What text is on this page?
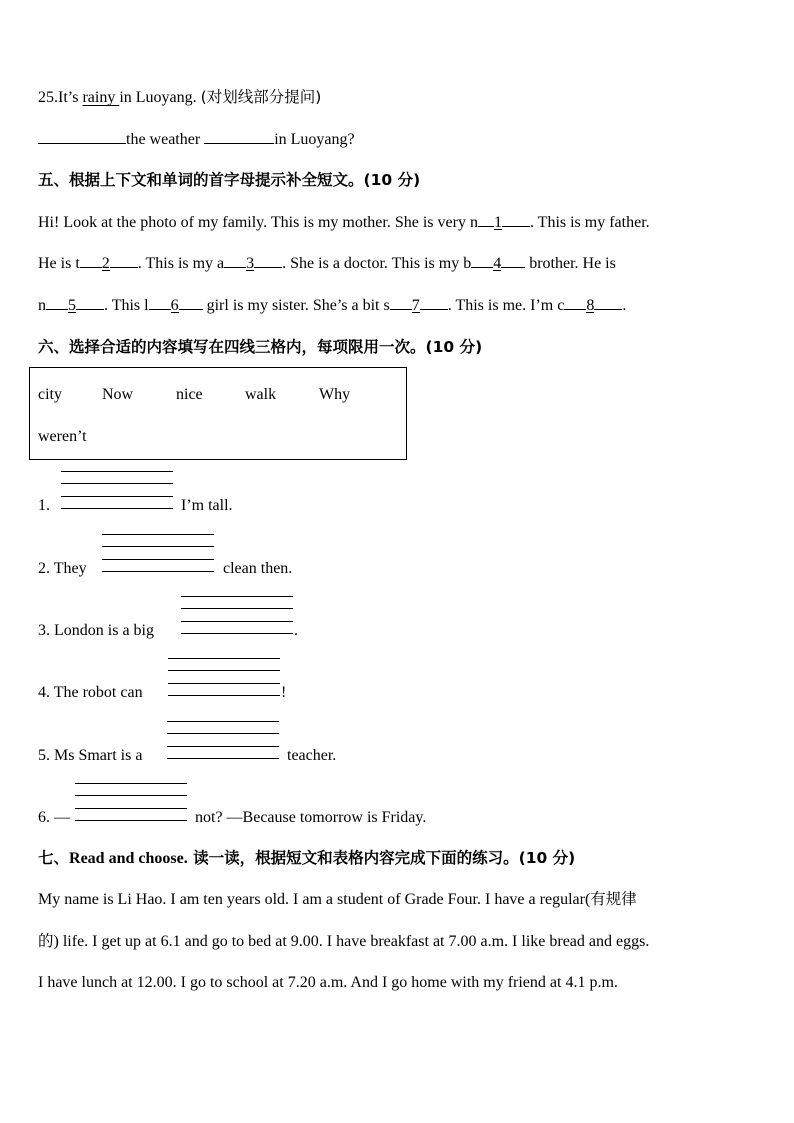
25.It’s rainy in Luoyang. (对划线部分提问)
the weather	in Luoyang?
五、根据上下文和单词的首字母提示补全短文。(10 分)
Hi! Look at the photo of my family. This is my mother. She is very n 1 . This is my father.
He is t 2 . This is my a 3 . She is a doctor. This is my b 4 brother. He is
n 5 . This l 6 girl is my sister. She’s a bit s 7 . This is me. I’m c 8 .
六、选择合适的内容填写在四线三格内，每项限用一次。(10 分)
city	Now	nice	walk	Why
weren’t
1.	I’m tall.
2. They	clean then.
3. London is a big	.
4. The robot can	!
5. Ms Smart is a	teacher.
6. —	not? —Because tomorrow is Friday.
七、Read and choose. 读一读，根据短文和表格内容完成下面的练习。(10 分)
My name is Li Hao. I am ten years old. I am a student of Grade Four. I have a regular(有规律
的) life. I get up at 6.1 and go to bed at 9.00. I have breakfast at 7.00 a.m. I like bread and eggs.
I have lunch at 12.00. I go to school at 7.20 a.m. And I go home with my friend at 4.1 p.m.
